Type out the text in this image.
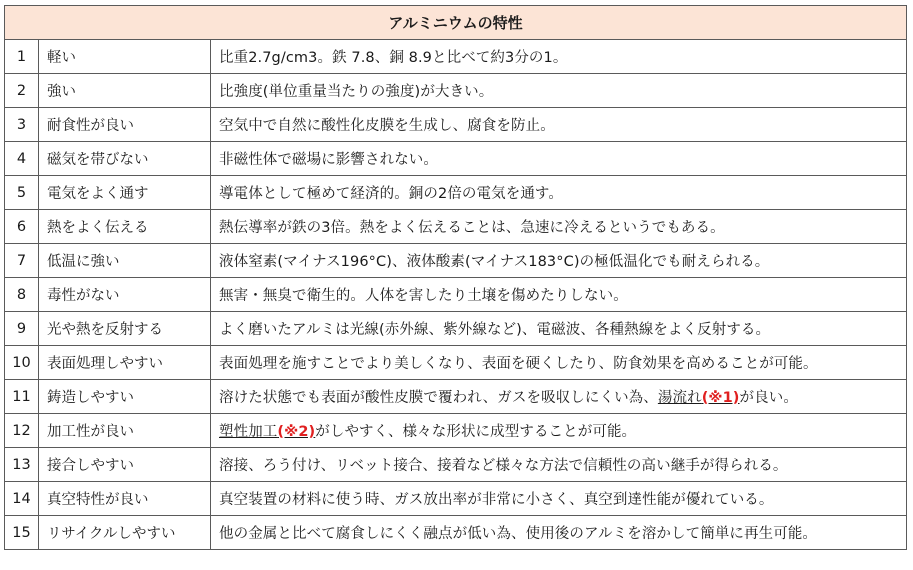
アルミニウムの特性		
1	軽い	比重2.7g/cm3。鉄 7.8、銅 8.9と比べて約3分の1。
2	強い	比強度(単位重量当たりの強度)が大きい。
3	耐食性が良い	空気中で自然に酸性化皮膜を生成し、腐食を防止。
4	磁気を帯びない	非磁性体で磁場に影響されない。
5	電気をよく通す	導電体として極めて経済的。銅の2倍の電気を通す。
6	熱をよく伝える	熱伝導率が鉄の3倍。熱をよく伝えることは、急速に冷えるというでもある。
7	低温に強い	液体窒素(マイナス196°C)、液体酸素(マイナス183°C)の極低温化でも耐えられる。
8	毒性がない	無害・無臭で衛生的。人体を害したり土壌を傷めたりしない。
9	光や熱を反射する	よく磨いたアルミは光線(赤外線、紫外線など)、電磁波、各種熱線をよく反射する。
10	表面処理しやすい	表面処理を施すことでより美しくなり、表面を硬くしたり、防食効果を高めることが可能。
11	鋳造しやすい	溶けた状態でも表面が酸性皮膜で覆われ、ガスを吸収しにくい為、湯流れ(※1)が良い。
12	加工性が良い	塑性加工(※2)がしやすく、様々な形状に成型することが可能。
13	接合しやすい	溶接、ろう付け、リベット接合、接着など様々な方法で信頼性の高い継手が得られる。
14	真空特性が良い	真空装置の材料に使う時、ガス放出率が非常に小さく、真空到達性能が優れている。
15	リサイクルしやすい	他の金属と比べて腐食しにくく融点が低い為、使用後のアルミを溶かして簡単に再生可能。
